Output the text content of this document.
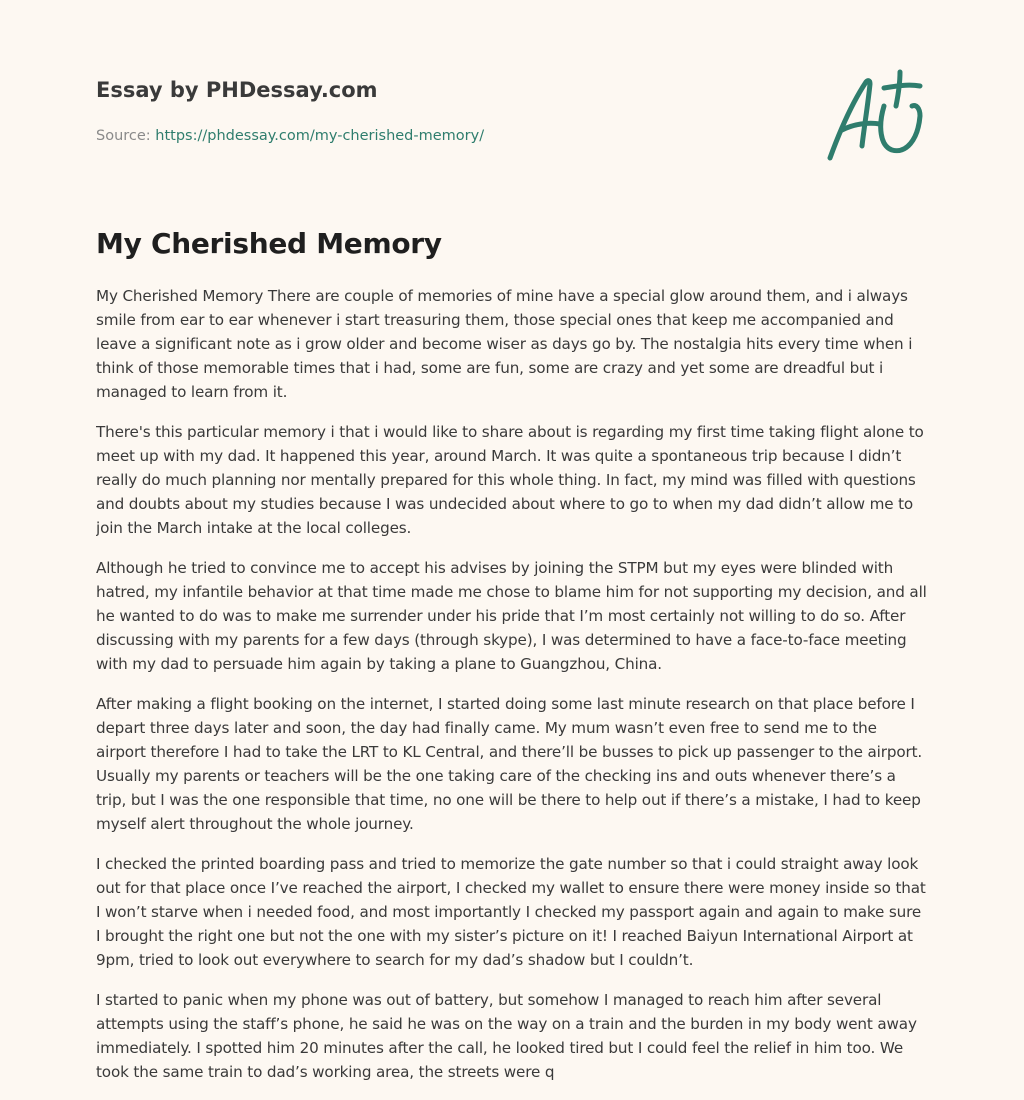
Essay by PHDessay.com
Source: https://phdessay.com/my-cherished-memory/
My Cherished Memory

My Cherished Memory There are couple of memories of mine have a special glow around them, and i always smile from ear to ear whenever i start treasuring them, those special ones that keep me accompanied and leave a significant note as i grow older and become wiser as days go by. The nostalgia hits every time when i think of those memorable times that i had, some are fun, some are crazy and yet some are dreadful but i managed to learn from it.

There's this particular memory i that i would like to share about is regarding my first time taking flight alone to meet up with my dad. It happened this year, around March. It was quite a spontaneous trip because I didn’t really do much planning nor mentally prepared for this whole thing. In fact, my mind was filled with questions and doubts about my studies because I was undecided about where to go to when my dad didn’t allow me to join the March intake at the local colleges.

Although he tried to convince me to accept his advises by joining the STPM but my eyes were blinded with hatred, my infantile behavior at that time made me chose to blame him for not supporting my decision, and all he wanted to do was to make me surrender under his pride that I’m most certainly not willing to do so. After discussing with my parents for a few days (through skype), I was determined to have a face-to-face meeting with my dad to persuade him again by taking a plane to Guangzhou, China.

After making a flight booking on the internet, I started doing some last minute research on that place before I depart three days later and soon, the day had finally came. My mum wasn’t even free to send me to the airport therefore I had to take the LRT to KL Central, and there’ll be busses to pick up passenger to the airport. Usually my parents or teachers will be the one taking care of the checking ins and outs whenever there’s a trip, but I was the one responsible that time, no one will be there to help out if there’s a mistake, I had to keep myself alert throughout the whole journey.

I checked the printed boarding pass and tried to memorize the gate number so that i could straight away look out for that place once I’ve reached the airport, I checked my wallet to ensure there were money inside so that I won’t starve when i needed food, and most importantly I checked my passport again and again to make sure I brought the right one but not the one with my sister’s picture on it! I reached Baiyun International Airport at 9pm, tried to look out everywhere to search for my dad’s shadow but I couldn’t.

I started to panic when my phone was out of battery, but somehow I managed to reach him after several attempts using the staff’s phone, he said he was on the way on a train and the burden in my body went away immediately. I spotted him 20 minutes after the call, he looked tired but I could feel the relief in him too. We took the same train to dad’s working area, the streets were q
